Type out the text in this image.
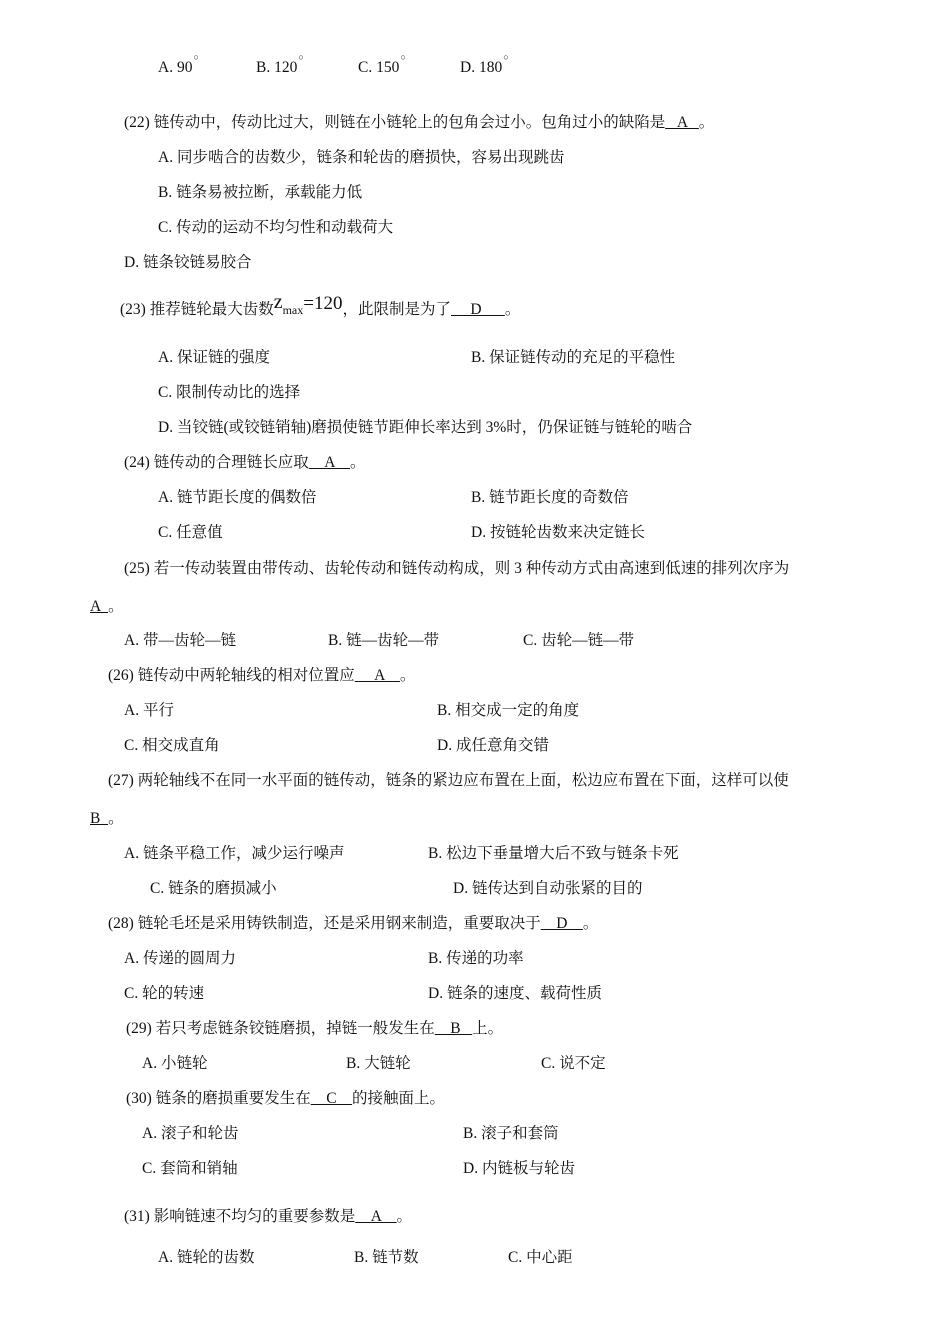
A. 90○
B. 120○
C. 150○
D. 180○
(22) 链传动中，传动比过大，则链在小链轮上的包角会过小。包角过小的缺陷是   A   。
A. 同步啮合的齿数少，链条和轮齿的磨损快，容易出现跳齿
B. 链条易被拉断，承载能力低
C. 传动的运动不均匀性和动载荷大
D. 链条铰链易胶合
(23) 推荐链轮最大齿数zmax=120，此限制是为了     D      。
A. 保证链的强度	B. 保证链传动的充足的平稳性
C. 限制传动比的选择
D. 当铰链(或铰链销轴)磨损使链节距伸长率达到 3%时，仍保证链与链轮的啮合
(24) 链传动的合理链长应取    A    。
A. 链节距长度的偶数倍	B. 链节距长度的奇数倍
C. 任意值	D. 按链轮齿数来决定链长
(25) 若一传动装置由带传动、齿轮传动和链传动构成，则 3 种传动方式由高速到低速的排列次序为
A  。
A. 带—齿轮—链	B. 链—齿轮—带	C. 齿轮—链—带
(26) 链传动中两轮轴线的相对位置应     A    。
A. 平行	B. 相交成一定的角度
C. 相交成直角	D. 成任意角交错
(27) 两轮轴线不在同一水平面的链传动，链条的紧边应布置在上面，松边应布置在下面，这样可以使
B  。
A. 链条平稳工作，减少运行噪声	B. 松边下垂量增大后不致与链条卡死
C. 链条的磨损减小	D. 链传达到自动张紧的目的
(28) 链轮毛坯是采用铸铁制造，还是采用钢来制造，重要取决于    D    。
A. 传递的圆周力	B. 传递的功率
C. 轮的转速	D. 链条的速度、载荷性质
(29) 若只考虑链条铰链磨损，掉链一般发生在    B   上。
A. 小链轮	B. 大链轮	C. 说不定
(30) 链条的磨损重要发生在    C    的接触面上。
A. 滚子和轮齿	B. 滚子和套筒
C. 套筒和销轴	D. 内链板与轮齿
(31) 影响链速不均匀的重要参数是    A    。
A. 链轮的齿数	B. 链节数	C. 中心距
